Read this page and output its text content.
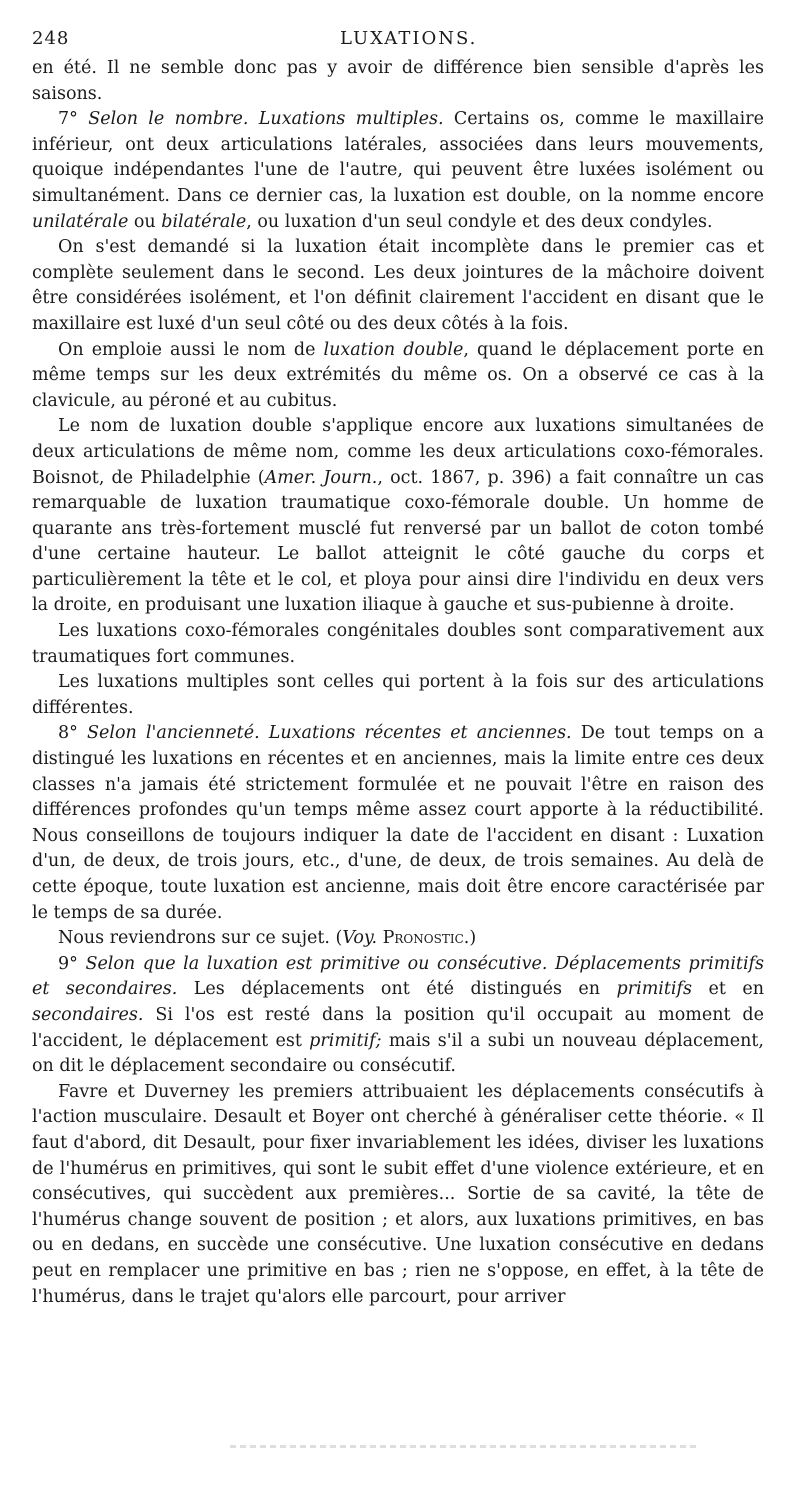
248	LUXATIONS.

en été. Il ne semble donc pas y avoir de différence bien sensible d'après les saisons.

7° Selon le nombre. Luxations multiples. Certains os, comme le maxillaire inférieur, ont deux articulations latérales, associées dans leurs mouvements, quoique indépendantes l'une de l'autre, qui peuvent être luxées isolément ou simultanément. Dans ce dernier cas, la luxation est double, on la nomme encore unilatérale ou bilatérale, ou luxation d'un seul condyle et des deux condyles.

On s'est demandé si la luxation était incomplète dans le premier cas et complète seulement dans le second. Les deux jointures de la mâchoire doivent être considérées isolément, et l'on définit clairement l'accident en disant que le maxillaire est luxé d'un seul côté ou des deux côtés à la fois.

On emploie aussi le nom de luxation double, quand le déplacement porte en même temps sur les deux extrémités du même os. On a observé ce cas à la clavicule, au péroné et au cubitus.

Le nom de luxation double s'applique encore aux luxations simultanées de deux articulations de même nom, comme les deux articulations coxo-fémorales. Boisnot, de Philadelphie (Amer. Journ., oct. 1867, p. 396) a fait connaître un cas remarquable de luxation traumatique coxo-fémorale double. Un homme de quarante ans très-fortement musclé fut renversé par un ballot de coton tombé d'une certaine hauteur. Le ballot atteignit le côté gauche du corps et particulièrement la tête et le col, et ploya pour ainsi dire l'individu en deux vers la droite, en produisant une luxation iliaque à gauche et sus-pubienne à droite.

Les luxations coxo-fémorales congénitales doubles sont comparativement aux traumatiques fort communes.

Les luxations multiples sont celles qui portent à la fois sur des articulations différentes.

8° Selon l'ancienneté. Luxations récentes et anciennes. De tout temps on a distingué les luxations en récentes et en anciennes, mais la limite entre ces deux classes n'a jamais été strictement formulée et ne pouvait l'être en raison des différences profondes qu'un temps même assez court apporte à la réductibilité. Nous conseillons de toujours indiquer la date de l'accident en disant : Luxation d'un, de deux, de trois jours, etc., d'une, de deux, de trois semaines. Au delà de cette époque, toute luxation est ancienne, mais doit être encore caractérisée par le temps de sa durée.

Nous reviendrons sur ce sujet. (Voy. Pronostic.)

9° Selon que la luxation est primitive ou consécutive. Déplacements primitifs et secondaires. Les déplacements ont été distingués en primitifs et en secondaires. Si l'os est resté dans la position qu'il occupait au moment de l'accident, le déplacement est primitif; mais s'il a subi un nouveau déplacement, on dit le déplacement secondaire ou consécutif.

Favre et Duverney les premiers attribuaient les déplacements consécutifs à l'action musculaire. Desault et Boyer ont cherché à généraliser cette théorie. « Il faut d'abord, dit Desault, pour fixer invariablement les idées, diviser les luxations de l'humérus en primitives, qui sont le subit effet d'une violence extérieure, et en consécutives, qui succèdent aux premières... Sortie de sa cavité, la tête de l'humérus change souvent de position ; et alors, aux luxations primitives, en bas ou en dedans, en succède une consécutive. Une luxation consécutive en dedans peut en remplacer une primitive en bas ; rien ne s'oppose, en effet, à la tête de l'humérus, dans le trajet qu'alors elle parcourt, pour arriver
